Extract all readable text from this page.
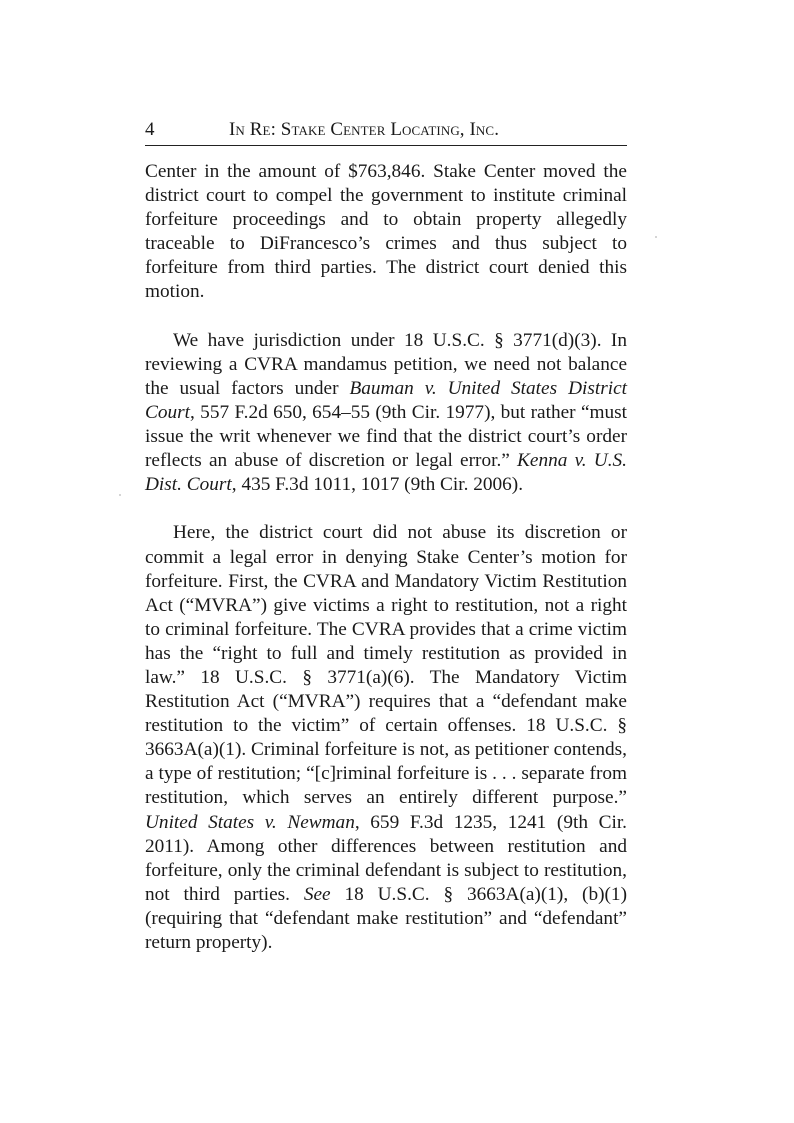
4	In Re: Stake Center Locating, Inc.

Center in the amount of $763,846. Stake Center moved the district court to compel the government to institute criminal forfeiture proceedings and to obtain property allegedly traceable to DiFrancesco’s crimes and thus subject to forfeiture from third parties. The district court denied this motion.

We have jurisdiction under 18 U.S.C. § 3771(d)(3). In reviewing a CVRA mandamus petition, we need not balance the usual factors under Bauman v. United States District Court, 557 F.2d 650, 654–55 (9th Cir. 1977), but rather “must issue the writ whenever we find that the district court’s order reflects an abuse of discretion or legal error.” Kenna v. U.S. Dist. Court, 435 F.3d 1011, 1017 (9th Cir. 2006).

Here, the district court did not abuse its discretion or commit a legal error in denying Stake Center’s motion for forfeiture. First, the CVRA and Mandatory Victim Restitution Act (“MVRA”) give victims a right to restitution, not a right to criminal forfeiture. The CVRA provides that a crime victim has the “right to full and timely restitution as provided in law.” 18 U.S.C. § 3771(a)(6). The Mandatory Victim Restitution Act (“MVRA”) requires that a “defendant make restitution to the victim” of certain offenses. 18 U.S.C. § 3663A(a)(1). Criminal forfeiture is not, as petitioner contends, a type of restitution; “[c]riminal forfeiture is . . . separate from restitution, which serves an entirely different purpose.” United States v. Newman, 659 F.3d 1235, 1241 (9th Cir. 2011). Among other differences between restitution and forfeiture, only the criminal defendant is subject to restitution, not third parties. See 18 U.S.C. § 3663A(a)(1), (b)(1) (requiring that “defendant make restitution” and “defendant” return property).
